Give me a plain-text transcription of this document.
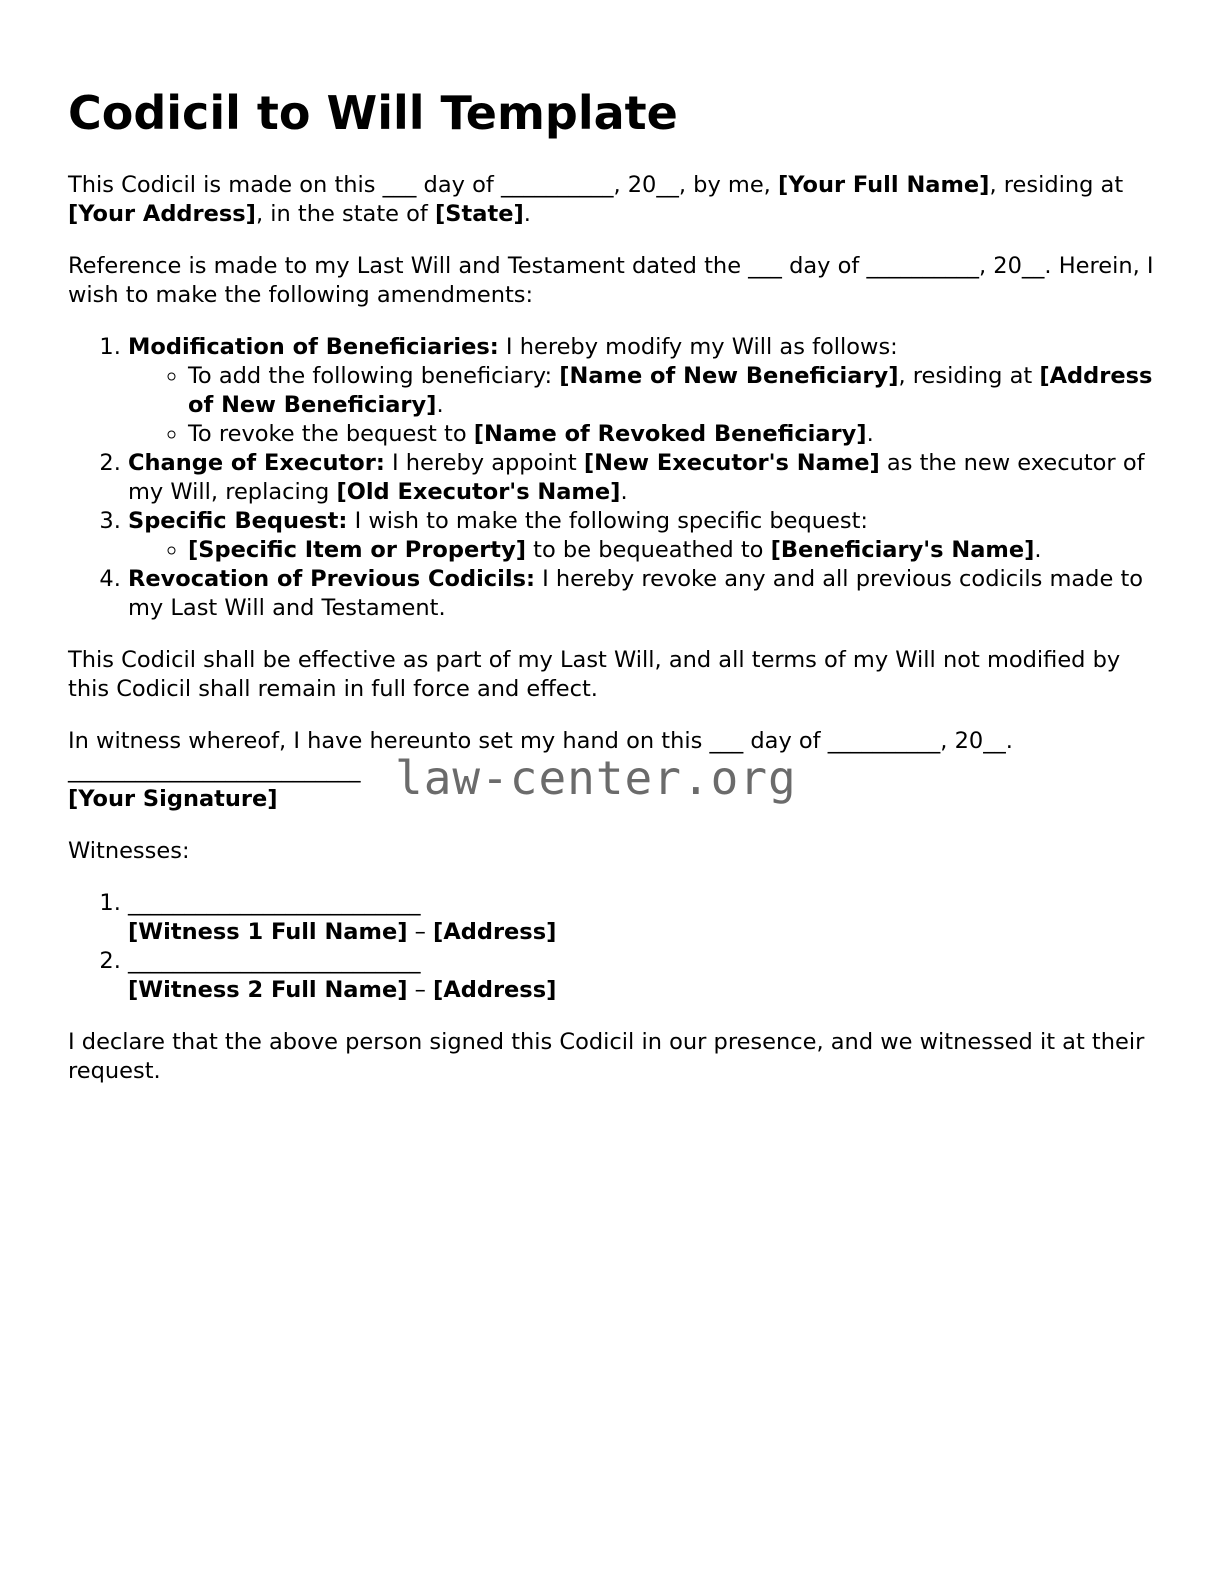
Codicil to Will Template

This Codicil is made on this ___ day of __________, 20__, by me, [Your Full Name], residing at [Your Address], in the state of [State].

Reference is made to my Last Will and Testament dated the ___ day of __________, 20__. Herein, I wish to make the following amendments:

1. Modification of Beneficiaries: I hereby modify my Will as follows:
◦ To add the following beneficiary: [Name of New Beneficiary], residing at [Address of New Beneficiary].
◦ To revoke the bequest to [Name of Revoked Beneficiary].
2. Change of Executor: I hereby appoint [New Executor's Name] as the new executor of my Will, replacing [Old Executor's Name].
3. Specific Bequest: I wish to make the following specific bequest:
◦ [Specific Item or Property] to be bequeathed to [Beneficiary's Name].
4. Revocation of Previous Codicils: I hereby revoke any and all previous codicils made to my Last Will and Testament.

This Codicil shall be effective as part of my Last Will, and all terms of my Will not modified by this Codicil shall remain in full force and effect.

In witness whereof, I have hereunto set my hand on this ___ day of __________, 20__.

__________________________
[Your Signature]	law-center.org

Witnesses:

1. __________________________
[Witness 1 Full Name] – [Address]
2. __________________________
[Witness 2 Full Name] – [Address]

I declare that the above person signed this Codicil in our presence, and we witnessed it at their request.
